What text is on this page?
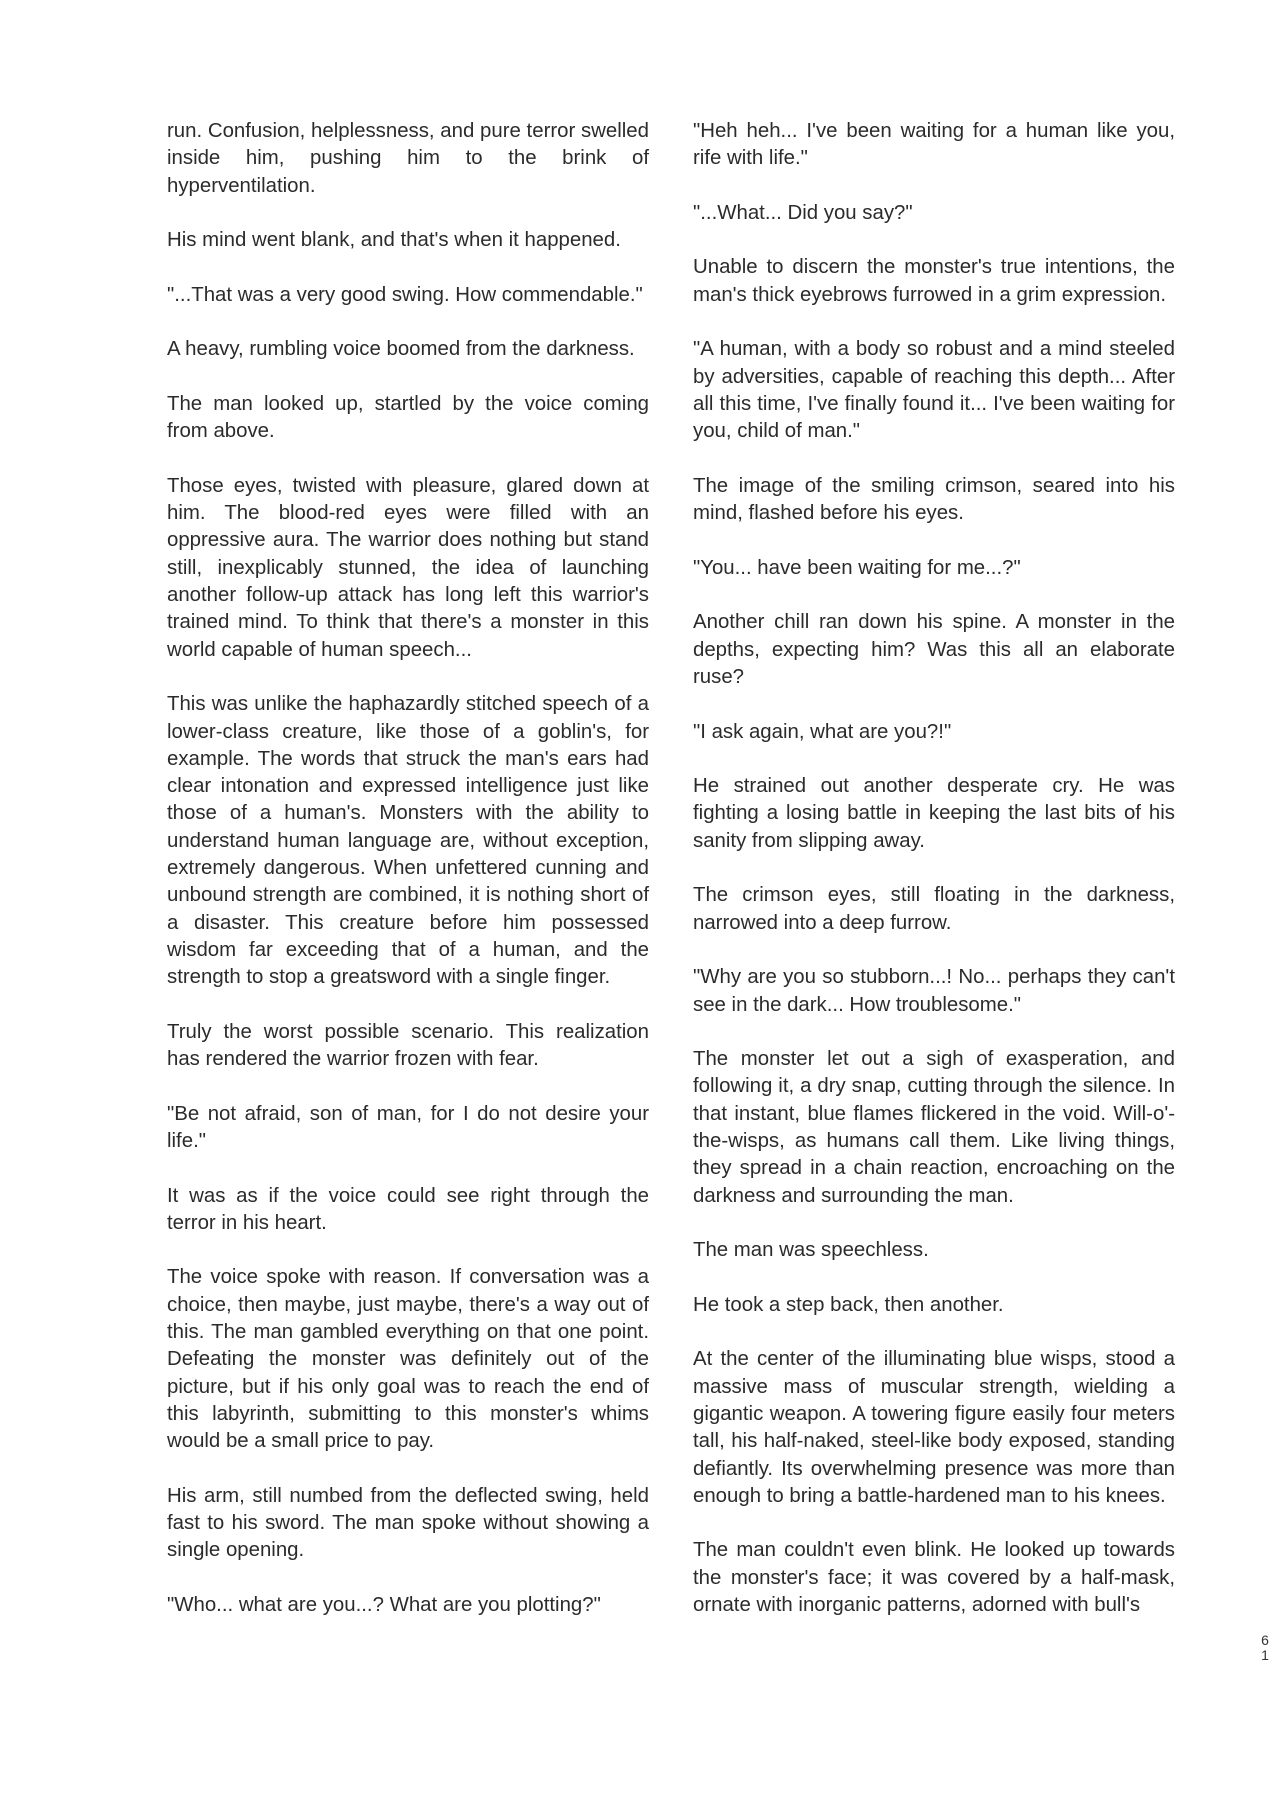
run. Confusion, helplessness, and pure terror swelled inside him, pushing him to the brink of hyperventilation.

His mind went blank, and that's when it happened.

"...That was a very good swing. How commendable."

A heavy, rumbling voice boomed from the darkness.

The man looked up, startled by the voice coming from above.

Those eyes, twisted with pleasure, glared down at him. The blood-red eyes were filled with an oppressive aura. The warrior does nothing but stand still, inexplicably stunned, the idea of launching another follow-up attack has long left this warrior's trained mind. To think that there's a monster in this world capable of human speech...

This was unlike the haphazardly stitched speech of a lower-class creature, like those of a goblin's, for example. The words that struck the man's ears had clear intonation and expressed intelligence just like those of a human's. Monsters with the ability to understand human language are, without exception, extremely dangerous. When unfettered cunning and unbound strength are combined, it is nothing short of a disaster. This creature before him possessed wisdom far exceeding that of a human, and the strength to stop a greatsword with a single finger.

Truly the worst possible scenario. This realization has rendered the warrior frozen with fear.

"Be not afraid, son of man, for I do not desire your life."

It was as if the voice could see right through the terror in his heart.

The voice spoke with reason. If conversation was a choice, then maybe, just maybe, there's a way out of this. The man gambled everything on that one point. Defeating the monster was definitely out of the picture, but if his only goal was to reach the end of this labyrinth, submitting to this monster's whims would be a small price to pay.

His arm, still numbed from the deflected swing, held fast to his sword. The man spoke without showing a single opening.

"Who... what are you...? What are you plotting?"

"Heh heh... I've been waiting for a human like you, rife with life."

"...What... Did you say?"

Unable to discern the monster's true intentions, the man's thick eyebrows furrowed in a grim expression.

"A human, with a body so robust and a mind steeled by adversities, capable of reaching this depth... After all this time, I've finally found it... I've been waiting for you, child of man."

The image of the smiling crimson, seared into his mind, flashed before his eyes.

"You... have been waiting for me...?"

Another chill ran down his spine. A monster in the depths, expecting him? Was this all an elaborate ruse?

"I ask again, what are you?!"

He strained out another desperate cry. He was fighting a losing battle in keeping the last bits of his sanity from slipping away.

The crimson eyes, still floating in the darkness, narrowed into a deep furrow.

"Why are you so stubborn...! No... perhaps they can't see in the dark... How troublesome."

The monster let out a sigh of exasperation, and following it, a dry snap, cutting through the silence. In that instant, blue flames flickered in the void. Will-o'-the-wisps, as humans call them. Like living things, they spread in a chain reaction, encroaching on the darkness and surrounding the man.

The man was speechless.

He took a step back, then another.

At the center of the illuminating blue wisps, stood a massive mass of muscular strength, wielding a gigantic weapon. A towering figure easily four meters tall, his half-naked, steel-like body exposed, standing defiantly. Its overwhelming presence was more than enough to bring a battle-hardened man to his knees.

The man couldn't even blink. He looked up towards the monster's face; it was covered by a half-mask, ornate with inorganic patterns, adorned with bull's

6
1
